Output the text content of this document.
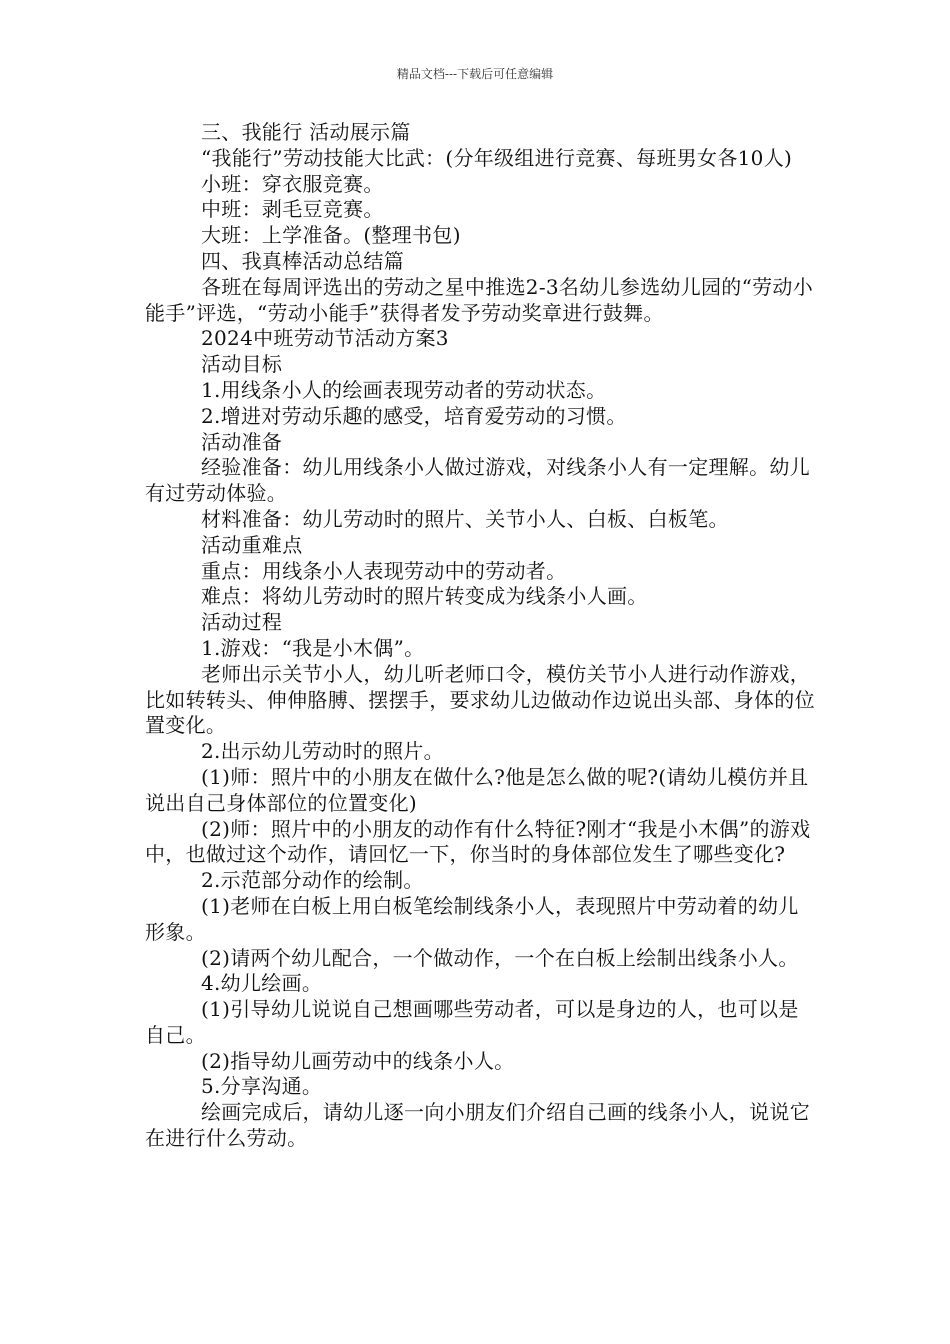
精品文档---下载后可任意编辑

三、我能行 活动展示篇

“我能行”劳动技能大比武：(分年级组进行竞赛、每班男女各10人)

小班：穿衣服竞赛。

中班：剥毛豆竞赛。

大班：上学准备。(整理书包)

四、我真棒活动总结篇

各班在每周评选出的劳动之星中推选2-3名幼儿参选幼儿园的“劳动小能手”评选，“劳动小能手”获得者发予劳动奖章进行鼓舞。

2024中班劳动节活动方案3

活动目标

1.用线条小人的绘画表现劳动者的劳动状态。

2.增进对劳动乐趣的感受，培育爱劳动的习惯。

活动准备

经验准备：幼儿用线条小人做过游戏，对线条小人有一定理解。幼儿有过劳动体验。

材料准备：幼儿劳动时的照片、关节小人、白板、白板笔。

活动重难点

重点：用线条小人表现劳动中的劳动者。

难点：将幼儿劳动时的照片转变成为线条小人画。

活动过程

1.游戏：“我是小木偶”。

老师出示关节小人，幼儿听老师口令，模仿关节小人进行动作游戏，比如转转头、伸伸胳膊、摆摆手，要求幼儿边做动作边说出头部、身体的位置变化。

2.出示幼儿劳动时的照片。

(1)师：照片中的小朋友在做什么?他是怎么做的呢?(请幼儿模仿并且说出自己身体部位的位置变化)

(2)师：照片中的小朋友的动作有什么特征?刚才“我是小木偶”的游戏中，也做过这个动作，请回忆一下，你当时的身体部位发生了哪些变化?

2.示范部分动作的绘制。

(1)老师在白板上用白板笔绘制线条小人，表现照片中劳动着的幼儿形象。

(2)请两个幼儿配合，一个做动作，一个在白板上绘制出线条小人。

4.幼儿绘画。

(1)引导幼儿说说自己想画哪些劳动者，可以是身边的人，也可以是自己。

(2)指导幼儿画劳动中的线条小人。

5.分享沟通。

绘画完成后，请幼儿逐一向小朋友们介绍自己画的线条小人，说说它在进行什么劳动。
